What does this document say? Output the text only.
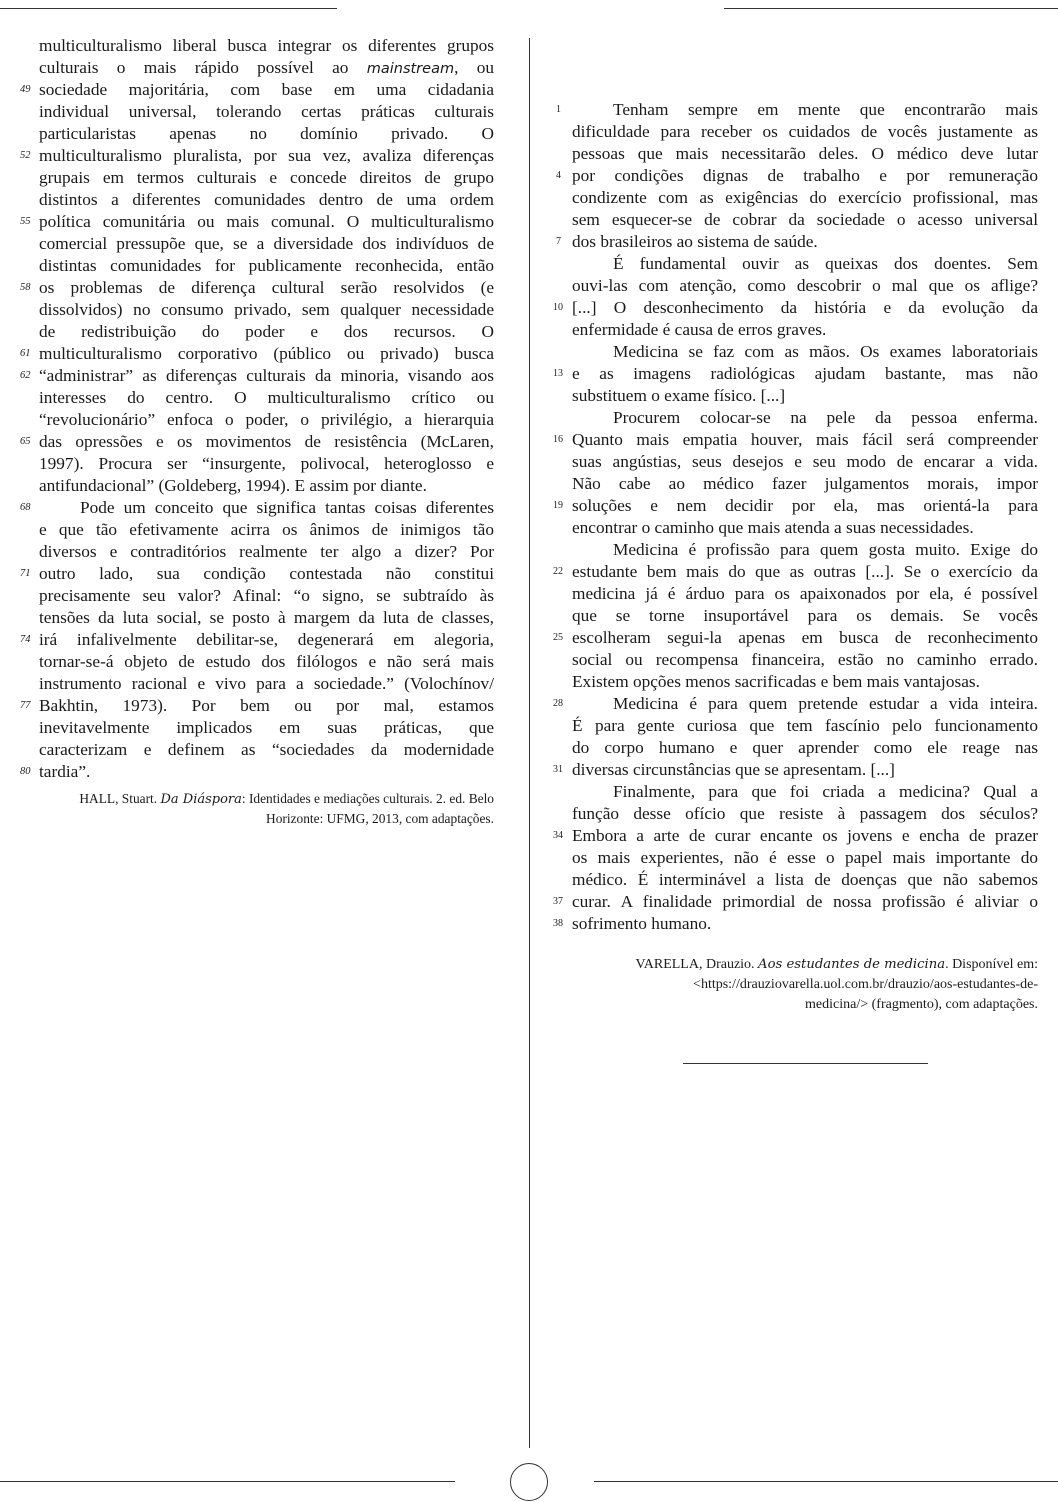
multiculturalismo liberal busca integrar os diferentes grupos
culturais o mais rápido possível ao mainstream, ou
sociedade majoritária, com base em uma cidadania
individual universal, tolerando certas práticas culturais
particularistas apenas no domínio privado. O
multiculturalismo pluralista, por sua vez, avaliza diferenças
grupais em termos culturais e concede direitos de grupo
distintos a diferentes comunidades dentro de uma ordem
política comunitária ou mais comunal. O multiculturalismo
comercial pressupõe que, se a diversidade dos indivíduos de
distintas comunidades for publicamente reconhecida, então
os problemas de diferença cultural serão resolvidos (e
dissolvidos) no consumo privado, sem qualquer necessidade
de redistribuição do poder e dos recursos. O
multiculturalismo corporativo (público ou privado) busca
“administrar” as diferenças culturais da minoria, visando aos
interesses do centro. O multiculturalismo crítico ou
“revolucionário” enfoca o poder, o privilégio, a hierarquia
das opressões e os movimentos de resistência (McLaren,
1997). Procura ser “insurgente, polivocal, heteroglosso e
antifundacional” (Goldeberg, 1994). E assim por diante.
Pode um conceito que significa tantas coisas diferentes
e que tão efetivamente acirra os ânimos de inimigos tão
diversos e contraditórios realmente ter algo a dizer? Por
outro lado, sua condição contestada não constitui
precisamente seu valor? Afinal: “o signo, se subtraído às
tensões da luta social, se posto à margem da luta de classes,
irá infalivelmente debilitar-se, degenerará em alegoria,
tornar-se-á objeto de estudo dos filólogos e não será mais
instrumento racional e vivo para a sociedade.” (Volochínov/
Bakhtin, 1973). Por bem ou por mal, estamos
inevitavelmente implicados em suas práticas, que
caracterizam e definem as “sociedades da modernidade
tardia”.
49
52
55
58
61
62
65
68
71
74
77
80
HALL, Stuart. Da Diáspora: Identidades e mediações culturais. 2. ed. Belo
Horizonte: UFMG, 2013, com adaptações.
Tenham sempre em mente que encontrarão mais
dificuldade para receber os cuidados de vocês justamente as
pessoas que mais necessitarão deles. O médico deve lutar
por condições dignas de trabalho e por remuneração
condizente com as exigências do exercício profissional, mas
sem esquecer-se de cobrar da sociedade o acesso universal
dos brasileiros ao sistema de saúde.
É fundamental ouvir as queixas dos doentes. Sem
ouvi-las com atenção, como descobrir o mal que os aflige?
[...] O desconhecimento da história e da evolução da
enfermidade é causa de erros graves.
Medicina se faz com as mãos. Os exames laboratoriais
e as imagens radiológicas ajudam bastante, mas não
substituem o exame físico. [...]
Procurem colocar-se na pele da pessoa enferma.
Quanto mais empatia houver, mais fácil será compreender
suas angústias, seus desejos e seu modo de encarar a vida.
Não cabe ao médico fazer julgamentos morais, impor
soluções e nem decidir por ela, mas orientá-la para
encontrar o caminho que mais atenda a suas necessidades.
Medicina é profissão para quem gosta muito. Exige do
estudante bem mais do que as outras [...]. Se o exercício da
medicina já é árduo para os apaixonados por ela, é possível
que se torne insuportável para os demais. Se vocês
escolheram segui-la apenas em busca de reconhecimento
social ou recompensa financeira, estão no caminho errado.
Existem opções menos sacrificadas e bem mais vantajosas.
Medicina é para quem pretende estudar a vida inteira.
É para gente curiosa que tem fascínio pelo funcionamento
do corpo humano e quer aprender como ele reage nas
diversas circunstâncias que se apresentam. [...]
Finalmente, para que foi criada a medicina? Qual a
função desse ofício que resiste à passagem dos séculos?
Embora a arte de curar encante os jovens e encha de prazer
os mais experientes, não é esse o papel mais importante do
médico. É interminável a lista de doenças que não sabemos
curar. A finalidade primordial de nossa profissão é aliviar o
sofrimento humano.
1
4
7
10
13
16
19
22
25
28
31
34
37
38
VARELLA, Drauzio. Aos estudantes de medicina. Disponível em:
<https://drauziovarella.uol.com.br/drauzio/aos-estudantes-de-
medicina/> (fragmento), com adaptações.
